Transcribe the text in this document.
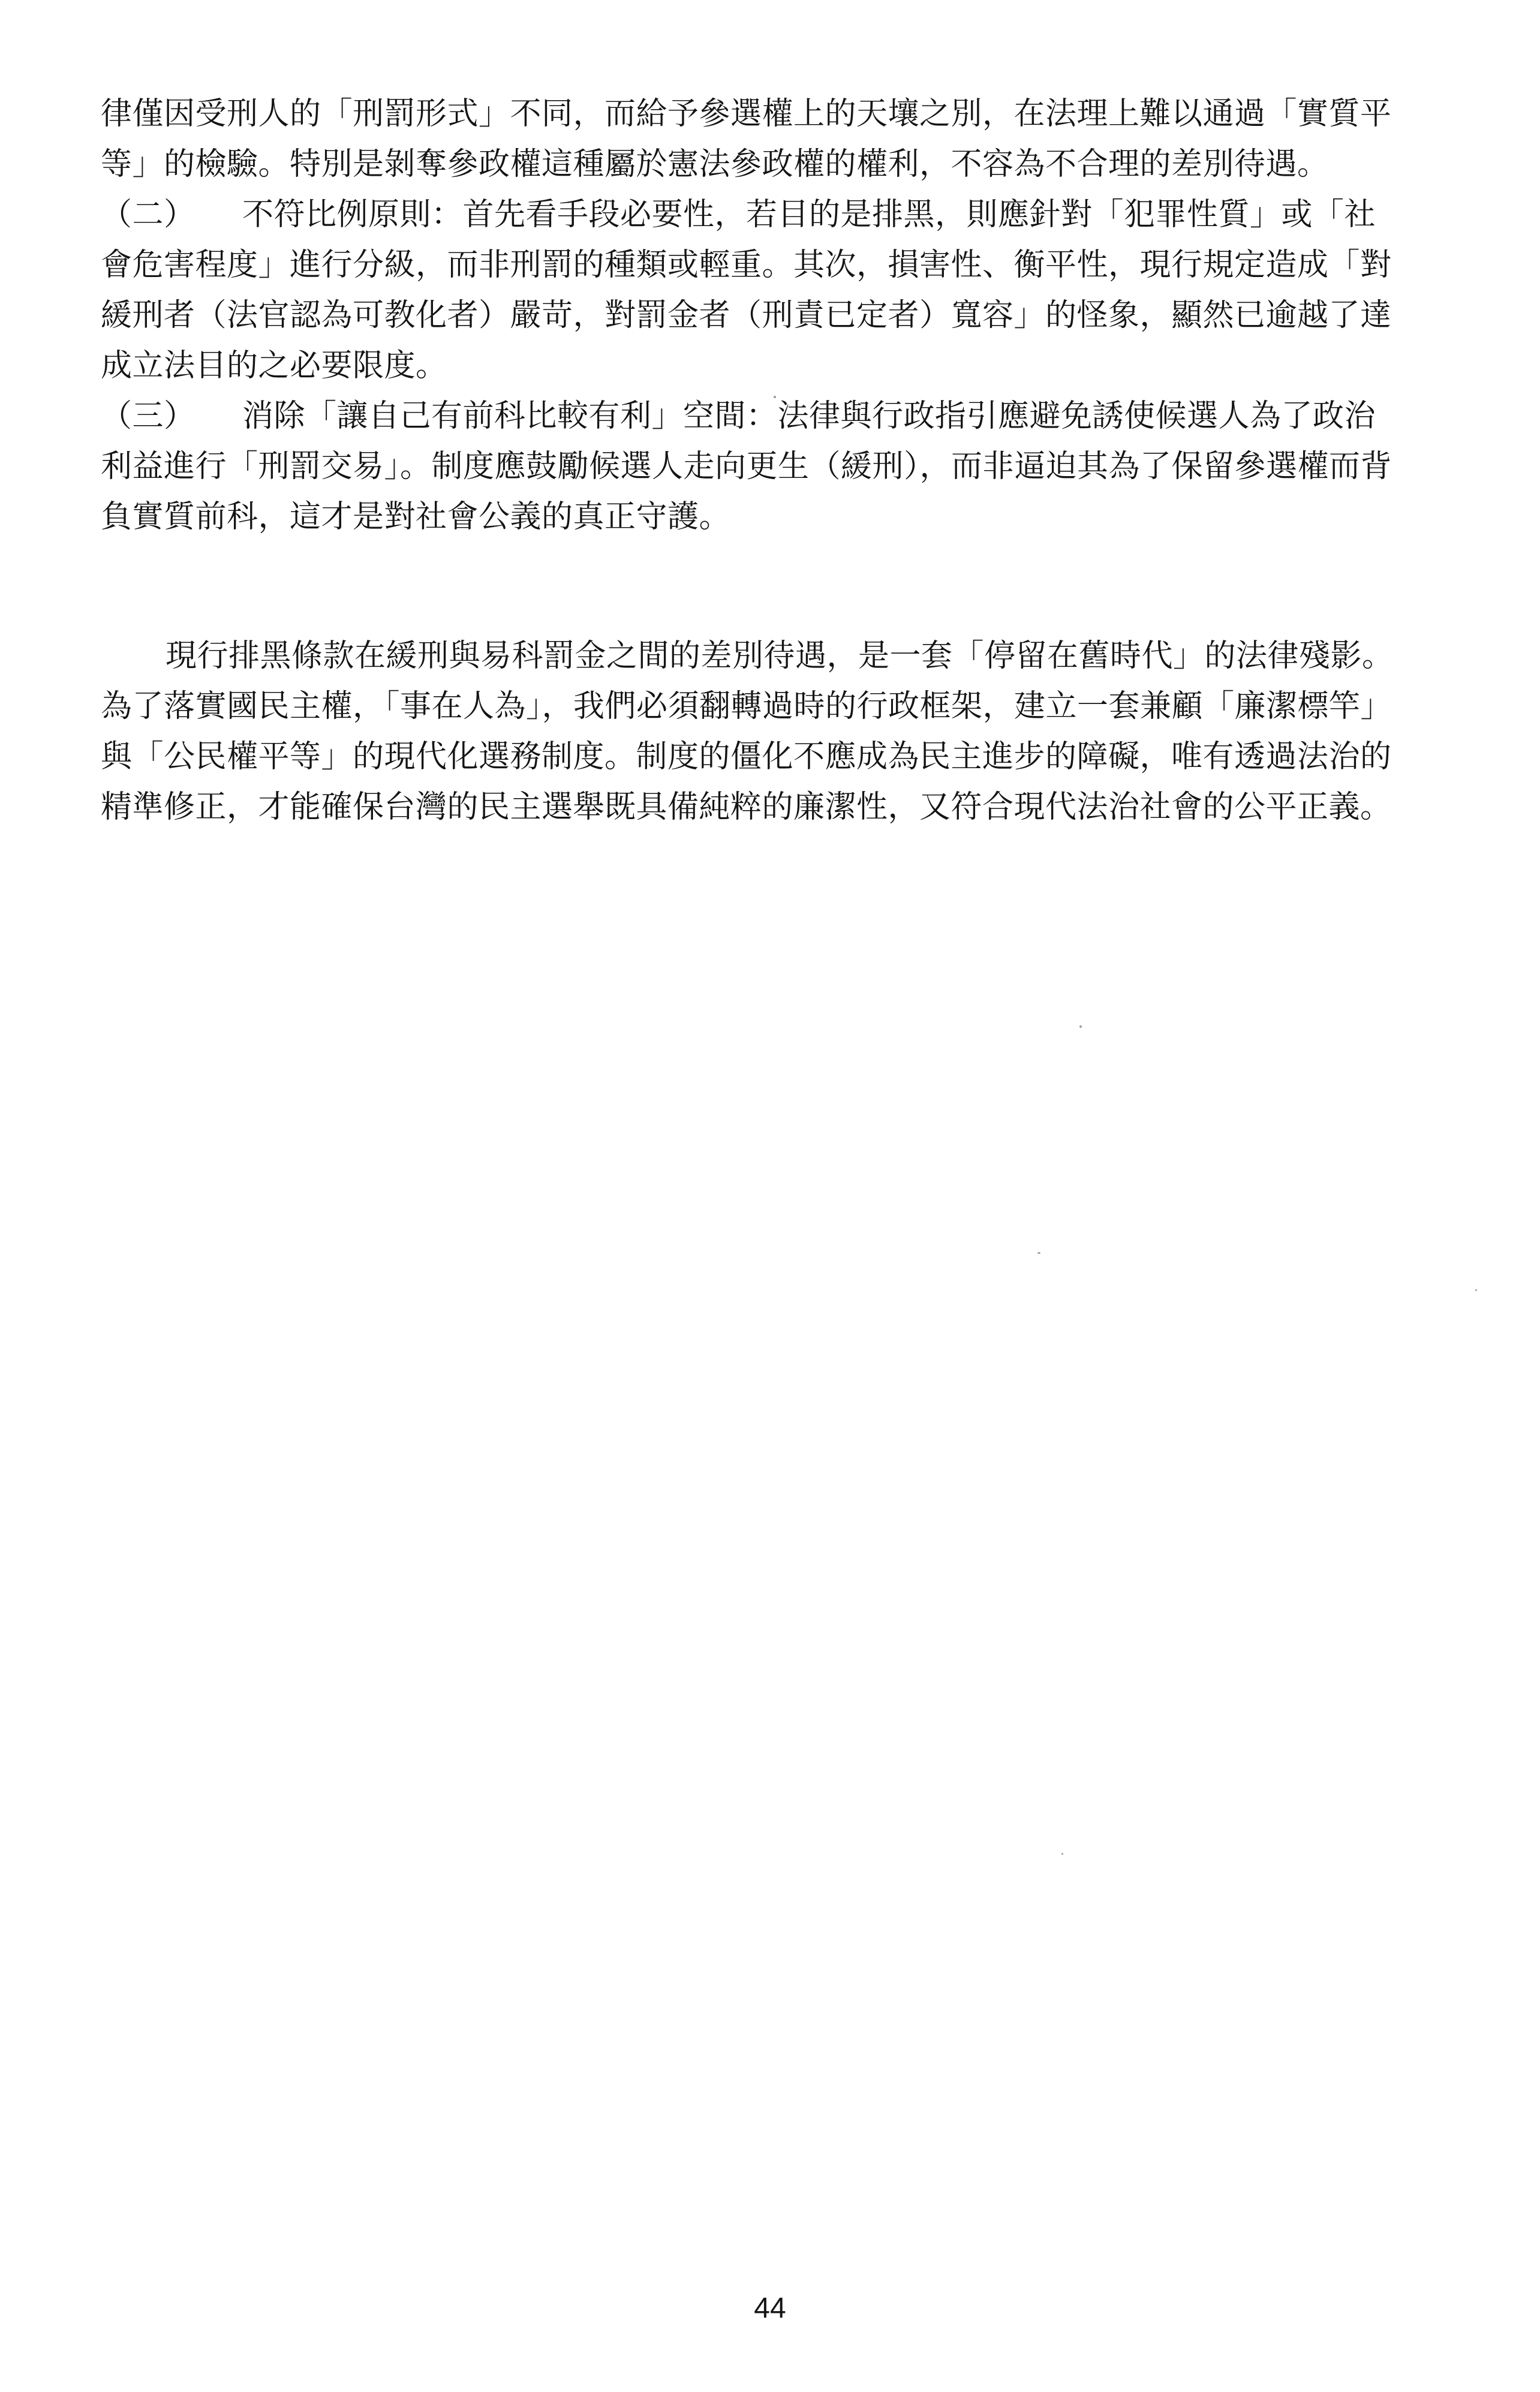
律僅因受刑人的「刑罰形式」不同，而給予參選權上的天壤之別，在法理上難以通過「實質平
等」的檢驗。特別是剝奪參政權這種屬於憲法參政權的權利，不容為不合理的差別待遇。
（二） 不符比例原則：首先看手段必要性，若目的是排黑，則應針對「犯罪性質」或「社
會危害程度」進行分級，而非刑罰的種類或輕重。其次，損害性、衡平性，現行規定造成「對
緩刑者（法官認為可教化者）嚴苛，對罰金者（刑責已定者）寬容」的怪象，顯然已逾越了達
成立法目的之必要限度。
（三） 消除「讓自己有前科比較有利」空間：法律與行政指引應避免誘使候選人為了政治
利益進行「刑罰交易」。制度應鼓勵候選人走向更生（緩刑），而非逼迫其為了保留參選權而背
負實質前科，這才是對社會公義的真正守護。
現行排黑條款在緩刑與易科罰金之間的差別待遇，是一套「停留在舊時代」的法律殘影。
為了落實國民主權，「事在人為」，我們必須翻轉過時的行政框架，建立一套兼顧「廉潔標竿」
與「公民權平等」的現代化選務制度。制度的僵化不應成為民主進步的障礙，唯有透過法治的
精準修正，才能確保台灣的民主選舉既具備純粹的廉潔性，又符合現代法治社會的公平正義。
44
